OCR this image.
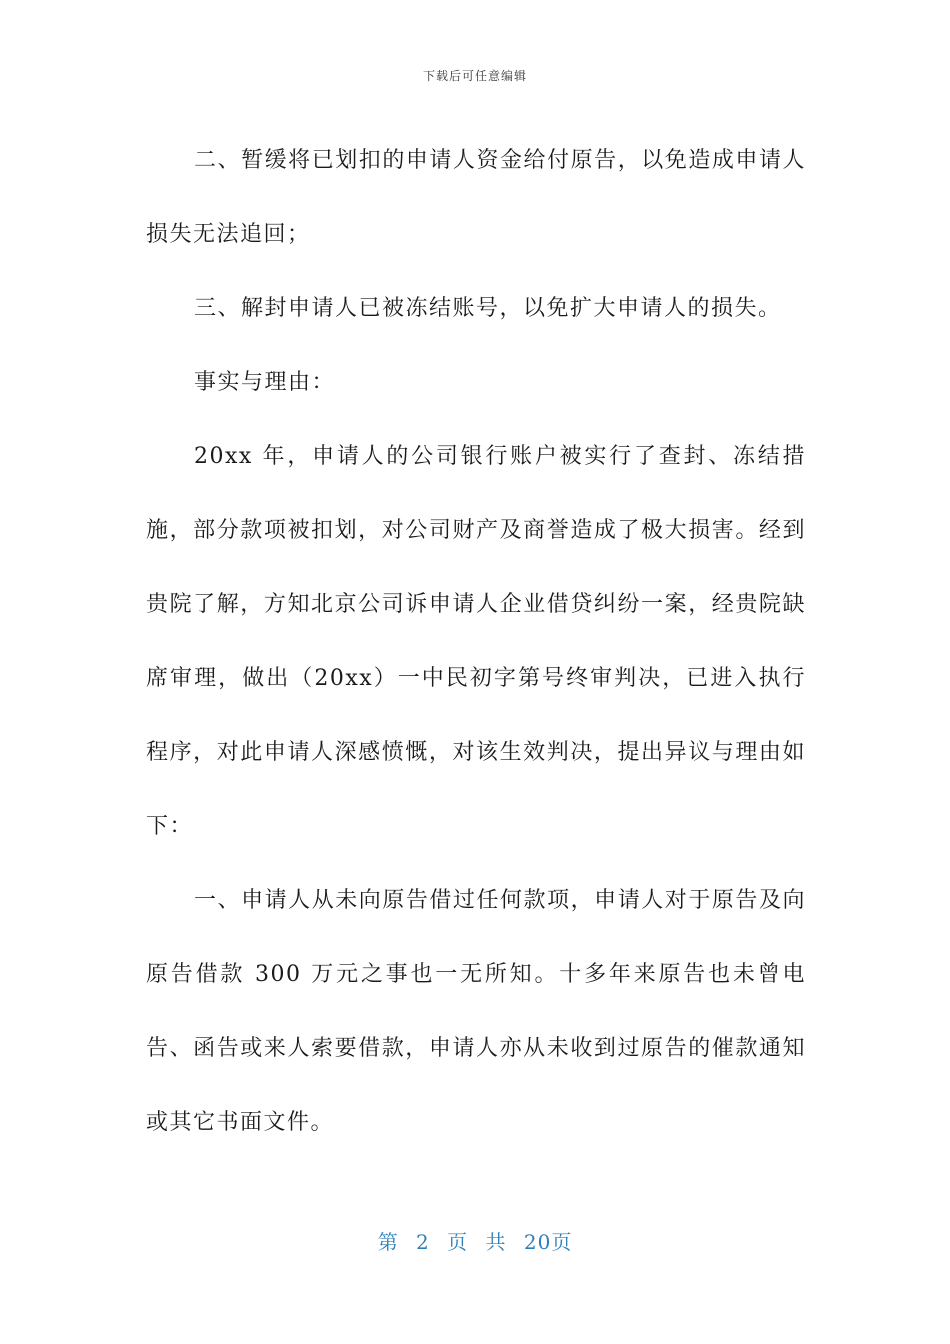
下载后可任意编辑

二、暂缓将已划扣的申请人资金给付原告，以免造成申请人损失无法追回；

三、解封申请人已被冻结账号，以免扩大申请人的损失。

事实与理由：

20xx 年，申请人的公司银行账户被实行了查封、冻结措施，部分款项被扣划，对公司财产及商誉造成了极大损害。经到贵院了解，方知北京公司诉申请人企业借贷纠纷一案，经贵院缺席审理，做出（20xx）一中民初字第号终审判决，已进入执行程序，对此申请人深感愤慨，对该生效判决，提出异议与理由如下：

一、申请人从未向原告借过任何款项，申请人对于原告及向原告借款 300 万元之事也一无所知。十多年来原告也未曾电告、函告或来人索要借款，申请人亦从未收到过原告的催款通知或其它书面文件。

第 2 页 共 20页
